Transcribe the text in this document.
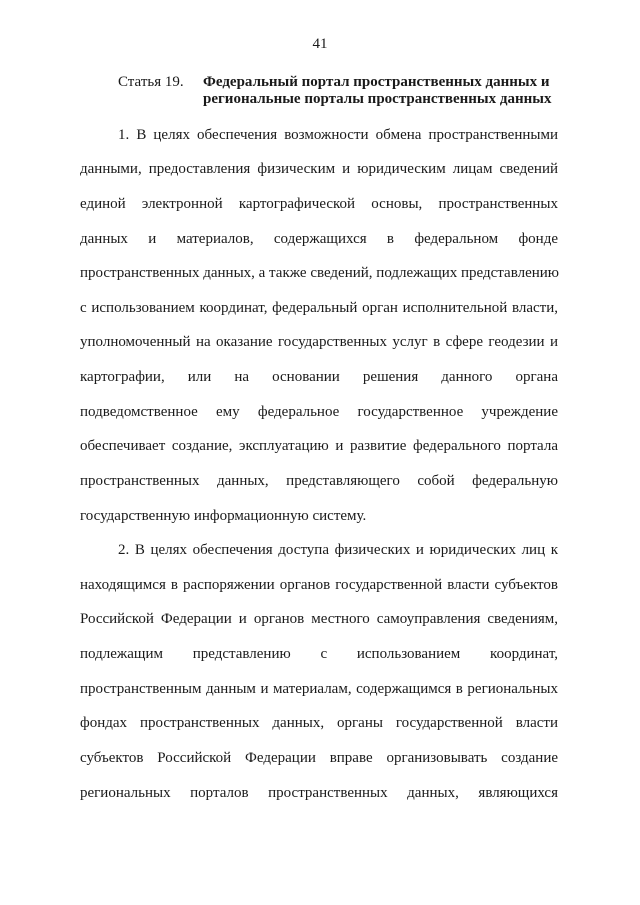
41
Статья 19. Федеральный портал пространственных данных и
региональные порталы пространственных данных
1. В целях обеспечения возможности обмена пространственными
данными, предоставления физическим и юридическим лицам сведений
единой электронной картографической основы, пространственных
данных и материалов, содержащихся в федеральном фонде
пространственных данных, а также сведений, подлежащих представлению
с использованием координат, федеральный орган исполнительной власти,
уполномоченный на оказание государственных услуг в сфере геодезии и
картографии, или на основании решения данного органа
подведомственное ему федеральное государственное учреждение
обеспечивает создание, эксплуатацию и развитие федерального портала
пространственных данных, представляющего собой федеральную
государственную информационную систему.
2. В целях обеспечения доступа физических и юридических лиц к
находящимся в распоряжении органов государственной власти субъектов
Российской Федерации и органов местного самоуправления сведениям,
подлежащим представлению с использованием координат,
пространственным данным и материалам, содержащимся в региональных
фондах пространственных данных, органы государственной власти
субъектов Российской Федерации вправе организовывать создание
региональных порталов пространственных данных, являющихся
